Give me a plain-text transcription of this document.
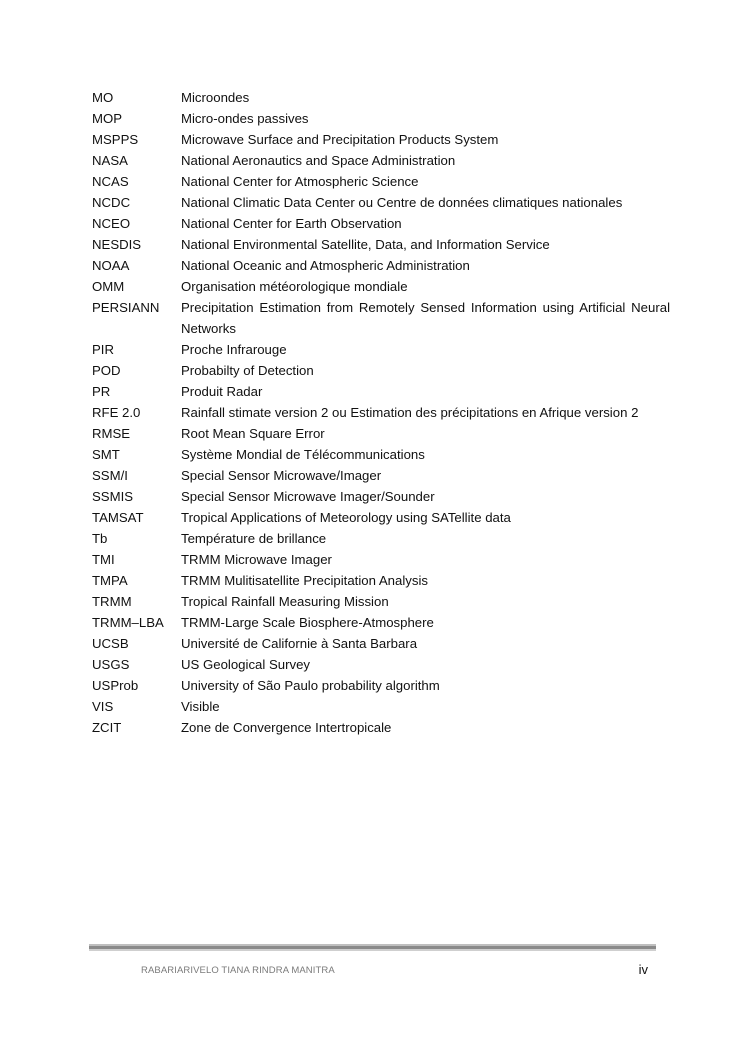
MO	Microondes
MOP	Micro-ondes passives
MSPPS	Microwave Surface and Precipitation Products System
NASA	National Aeronautics and Space Administration
NCAS	National Center for Atmospheric Science
NCDC	National Climatic Data Center ou Centre de données climatiques nationales
NCEO	National Center for Earth Observation
NESDIS	National Environmental Satellite, Data, and Information Service
NOAA	National Oceanic and Atmospheric Administration
OMM	Organisation météorologique mondiale
PERSIANN	Precipitation Estimation from Remotely Sensed Information using Artificial Neural Networks
PIR	Proche Infrarouge
POD	Probabilty of Detection
PR	Produit Radar
RFE 2.0	Rainfall stimate version 2 ou Estimation des précipitations en Afrique version 2
RMSE	Root Mean Square Error
SMT	Système Mondial de Télécommunications
SSM/I	Special Sensor Microwave/Imager
SSMIS	Special Sensor Microwave Imager/Sounder
TAMSAT	Tropical Applications of Meteorology using SATellite data
Tb	Température de brillance
TMI	TRMM Microwave Imager
TMPA	TRMM Mulitisatellite Precipitation Analysis
TRMM	Tropical Rainfall Measuring Mission
TRMM–LBA	TRMM-Large Scale Biosphere-Atmosphere
UCSB	Université de Californie à Santa Barbara
USGS	US Geological Survey
USProb	University of São Paulo probability algorithm
VIS	Visible
ZCIT	Zone de Convergence Intertropicale
RABARIARIVELO TIANA RINDRA MANITRA	iv
